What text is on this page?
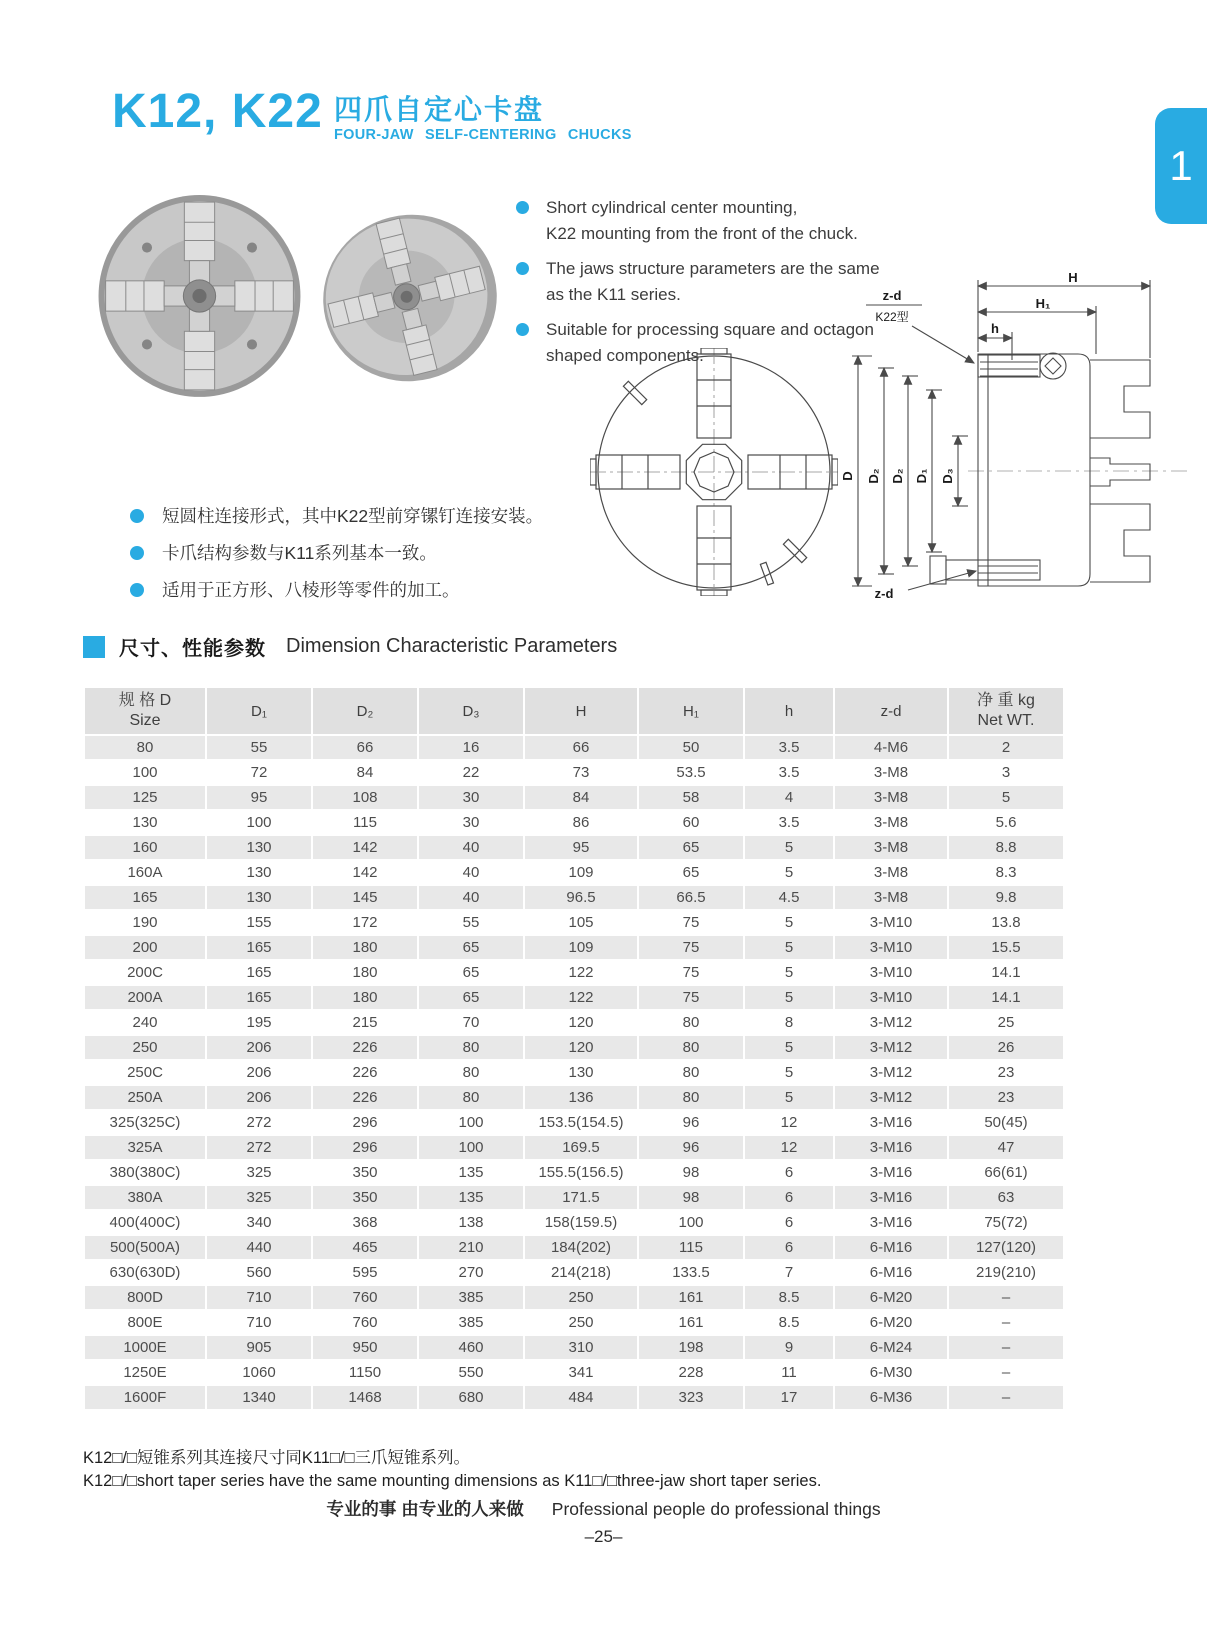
K12, K22 四爪自定心卡盘
FOUR-JAW SELF-CENTERING CHUCKS
1
Short cylindrical center mounting,
K22 mounting from the front of the chuck.
The jaws structure parameters are the same
as the K11 series.
Suitable for processing square and octagon
shaped components.
短圆柱连接形式，其中K22型前穿镙钉连接安装。
卡爪结构参数与K11系列基本一致。
适用于正方形、八棱形等零件的加工。
H
H₁
h
z-d
K22型
z-d
D D₂ D₂ D₁ D₃
尺寸、性能参数 Dimension Characteristic Parameters
规 格 D
Size
	D₁	D₂	D₃	H	H₁	h	z-d	
净 重 kg
Net WT.

80	55	66	16	66	50	3.5	4-M6	2
100	72	84	22	73	53.5	3.5	3-M8	3
125	95	108	30	84	58	4	3-M8	5
130	100	115	30	86	60	3.5	3-M8	5.6
160	130	142	40	95	65	5	3-M8	8.8
160A	130	142	40	109	65	5	3-M8	8.3
165	130	145	40	96.5	66.5	4.5	3-M8	9.8
190	155	172	55	105	75	5	3-M10	13.8
200	165	180	65	109	75	5	3-M10	15.5
200C	165	180	65	122	75	5	3-M10	14.1
200A	165	180	65	122	75	5	3-M10	14.1
240	195	215	70	120	80	8	3-M12	25
250	206	226	80	120	80	5	3-M12	26
250C	206	226	80	130	80	5	3-M12	23
250A	206	226	80	136	80	5	3-M12	23
325(325C)	272	296	100	153.5(154.5)	96	12	3-M16	50(45)
325A	272	296	100	169.5	96	12	3-M16	47
380(380C)	325	350	135	155.5(156.5)	98	6	3-M16	66(61)
380A	325	350	135	171.5	98	6	3-M16	63
400(400C)	340	368	138	158(159.5)	100	6	3-M16	75(72)
500(500A)	440	465	210	184(202)	115	6	6-M16	127(120)
630(630D)	560	595	270	214(218)	133.5	7	6-M16	219(210)
800D	710	760	385	250	161	8.5	6-M20	–
800E	710	760	385	250	161	8.5	6-M20	–
1000E	905	950	460	310	198	9	6-M24	–
1250E	1060	1150	550	341	228	11	6-M30	–
1600F	1340	1468	680	484	323	17	6-M36	–
K12□/□短锥系列其连接尺寸同K11□/□三爪短锥系列。
K12□/□short taper series have the same mounting dimensions as K11□/□three-jaw short taper series.
专业的事 由专业的人来做 Professional people do professional things
–25–
